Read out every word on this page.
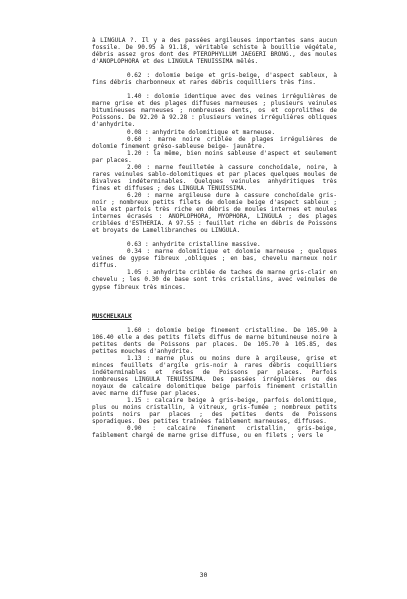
à LINGULA ?. Il y a des passées argileuses importantes sans aucun fossile. De 90.95 à 91.18, véritable schiste à bouillie végétale, débris assez gros dont des PTEROPHYLLUM JAEGERI BRONG., des moules d'ANOPLOPHORA et des LINGULA TENUISSIMA mêlés.

0.62 : dolomie beige et gris-beige, d'aspect sableux, à fins débris charbonneux et rares débris coquilliers très fins.

1.40 : dolomie identique avec des veines irrégulières de marne grise et des plages diffuses marneuses ; plusieurs veinules bitumineuses marneuses ; nombreuses dents, os et coprolithes de Poissons. De 92.20 à 92.28 : plusieurs veines irrégulières obliques d'anhydrite.

0.08 : anhydrite dolomitique et marneuse.

0.60 : marne noire criblée de plages irrégulières de dolomie finement gréso-sableuse beige- jaunâtre.

1.20 : la même, bien moins sableuse d'aspect et seulement par places.

2.00 : marne feuilletée à cassure conchoïdale, noire, à rares veinules sablo-dolomitiques et par places quelques moules de Bivalves indéterminables. Quelques veinules anhydritiques très fines et diffuses ; des LINGULA TENUISSIMA.

6.20 : marne argileuse dure à cassure conchoïdale gris-noir ; nombreux petits filets de dolomie beige d'aspect sableux ; elle est parfois très riche en débris de moules internes et moules internes écrasés : ANOPLOPHORA, MYOPHORA, LINGULA ; des plages criblées d'ESTHERIA. A 97.55 : feuillet riche en débris de Poissons et broyats de Lamellibranches ou LINGULA.

0.63 : anhydrite cristalline massive.

0.34 : marne dolomitique et dolomie marneuse ; quelques veines de gypse fibreux ,obliques ; en bas, chevelu marneux noir diffus.

1.05 : anhydrite criblée de taches de marne gris-clair en chevelu ; les 0.30 de base sont très cristallins, avec veinules de gypse fibreux très minces.

MUSCHELKALK

1.60 : dolomie beige finement cristalline. De 105.90 à 106.40 elle a des petits filets diffus de marne bitumineuse noire à petites dents de Poissons par places. De 105.70 à 105.85, des petites mouches d'anhydrite.

1.13 : marne plus ou moins dure à argileuse, grise et minces feuillets d'argile gris-noir à rares débris coquilliers indéterminables et restes de Poissons par places. Parfois nombreuses LINGULA TENUISSIMA. Des passées irrégulières ou des noyaux de calcaire dolomitique beige parfois finement cristallin avec marne diffuse par places.

1.15 : calcaire beige à gris-beige, parfois dolomitique, plus ou moins cristallin, à vitreux, gris-fumée ; nombreux petits points noirs par places ; des petites dents de Poissons sporadiques. Des petites traînées faiblement marneuses, diffuses.

0.90 : calcaire finement cristallin, gris-beige, faiblement chargé de marne grise diffuse, ou en filets ; vers le

30
